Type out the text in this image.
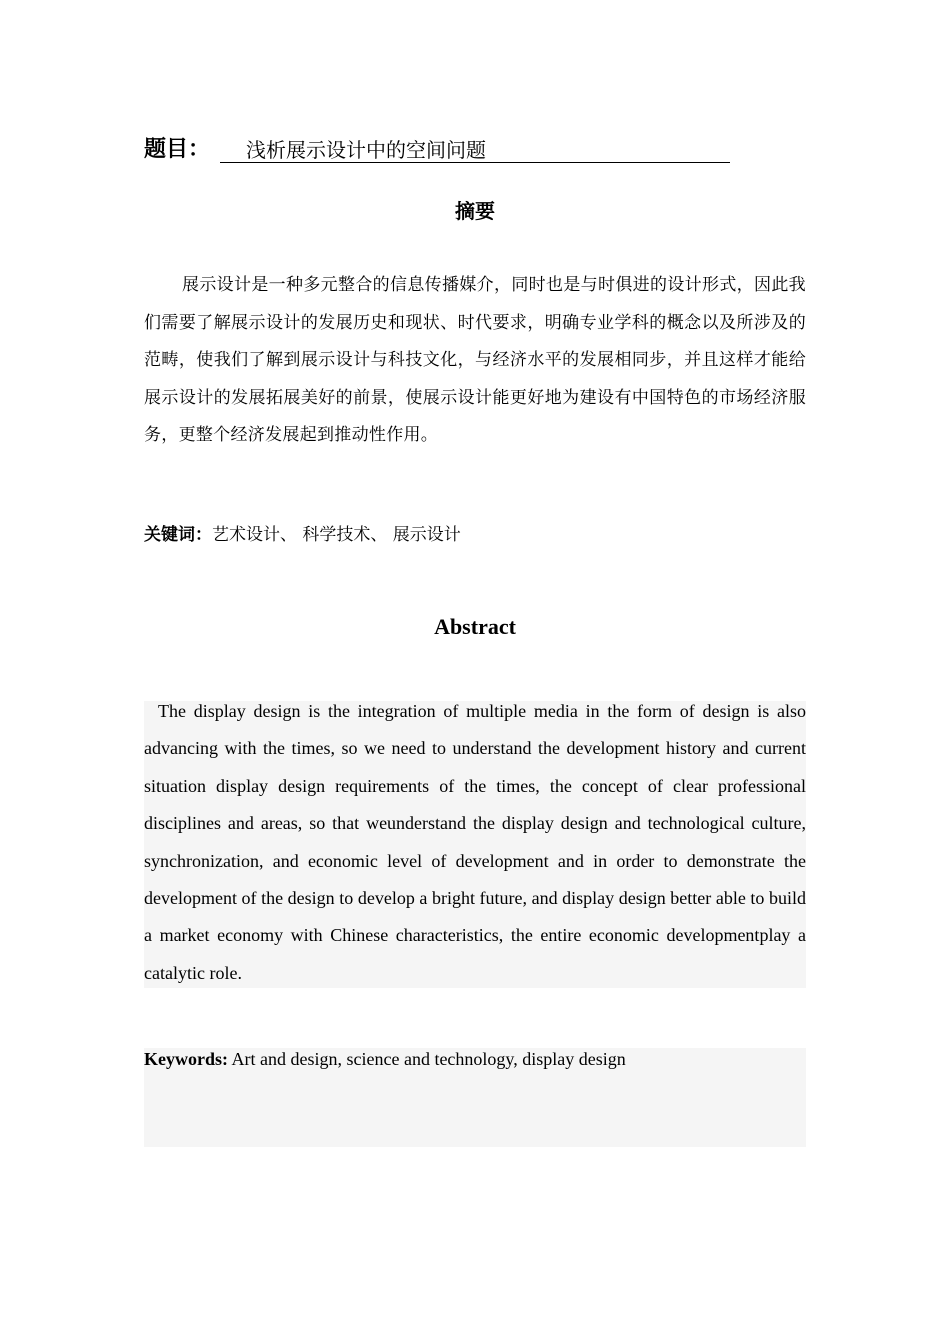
题目： 浅析展示设计中的空间问题
摘要

展示设计是一种多元整合的信息传播媒介，同时也是与时俱进的设计形式，因此我们需要了解展示设计的发展历史和现状、时代要求，明确专业学科的概念以及所涉及的范畴，使我们了解到展示设计与科技文化，与经济水平的发展相同步，并且这样才能给展示设计的发展拓展美好的前景，使展示设计能更好地为建设有中国特色的市场经济服务，更整个经济发展起到推动性作用。

关键词：艺术设计、 科学技术、 展示设计
Abstract

The display design is the integration of multiple media in the form of design is also advancing with the times, so we need to understand the development history and current situation display design requirements of the times, the concept of clear professional disciplines and areas, so that weunderstand the display design and technological culture, synchronization, and economic level of development and in order to demonstrate the development of the design to develop a bright future, and display design better able to build a market economy with Chinese characteristics, the entire economic developmentplay a catalytic role.

Keywords: Art and design, science and technology, display design
